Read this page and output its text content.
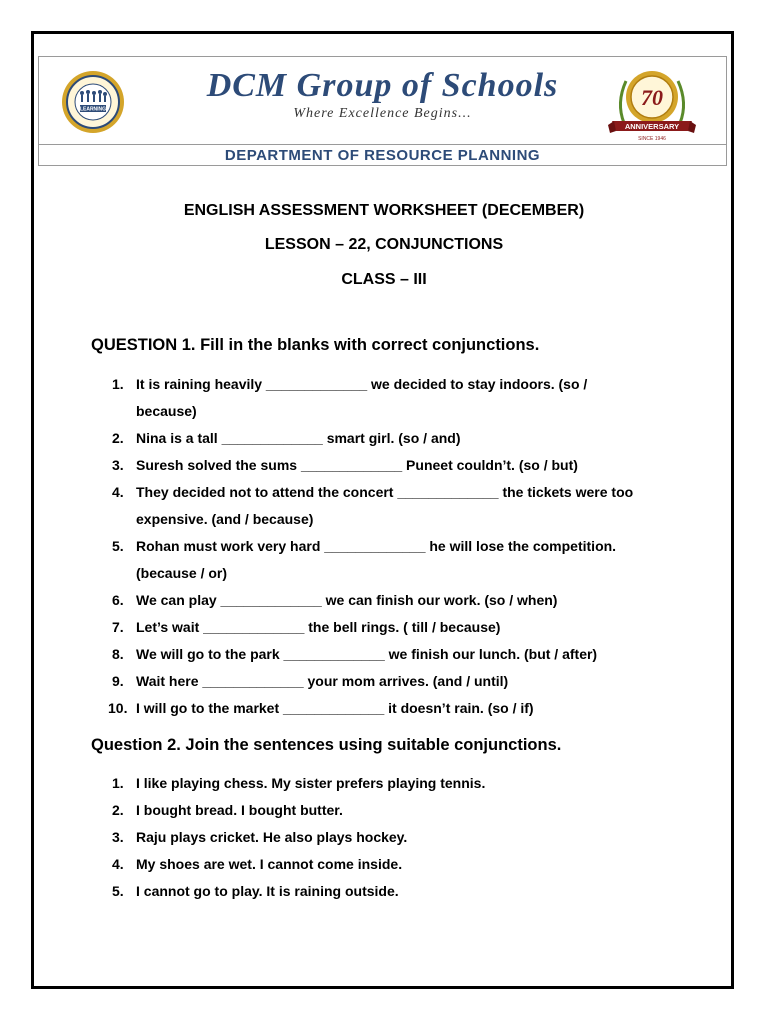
LEARNING
DCM Group of Schools
Where Excellence Begins...
70
ANNIVERSARY
SINCE 1946
DEPARTMENT OF RESOURCE PLANNING
ENGLISH ASSESSMENT WORKSHEET (DECEMBER)
LESSON – 22, CONJUNCTIONS
CLASS – III
QUESTION 1. Fill in the blanks with correct conjunctions.
1. It is raining heavily _____________ we decided to stay indoors. (so /
because)
2. Nina is a tall _____________ smart girl. (so / and)
3. Suresh solved the sums _____________ Puneet couldn’t. (so / but)
4. They decided not to attend the concert _____________ the tickets were too
expensive. (and / because)
5. Rohan must work very hard _____________ he will lose the competition.
(because / or)
6. We can play _____________ we can finish our work. (so / when)
7. Let’s wait _____________ the bell rings. ( till / because)
8. We will go to the park _____________ we finish our lunch. (but / after)
9. Wait here _____________ your mom arrives. (and / until)
10. I will go to the market _____________ it doesn’t rain. (so / if)
Question 2. Join the sentences using suitable conjunctions.
1. I like playing chess. My sister prefers playing tennis.
2. I bought bread. I bought butter.
3. Raju plays cricket. He also plays hockey.
4. My shoes are wet. I cannot come inside.
5. I cannot go to play. It is raining outside.
